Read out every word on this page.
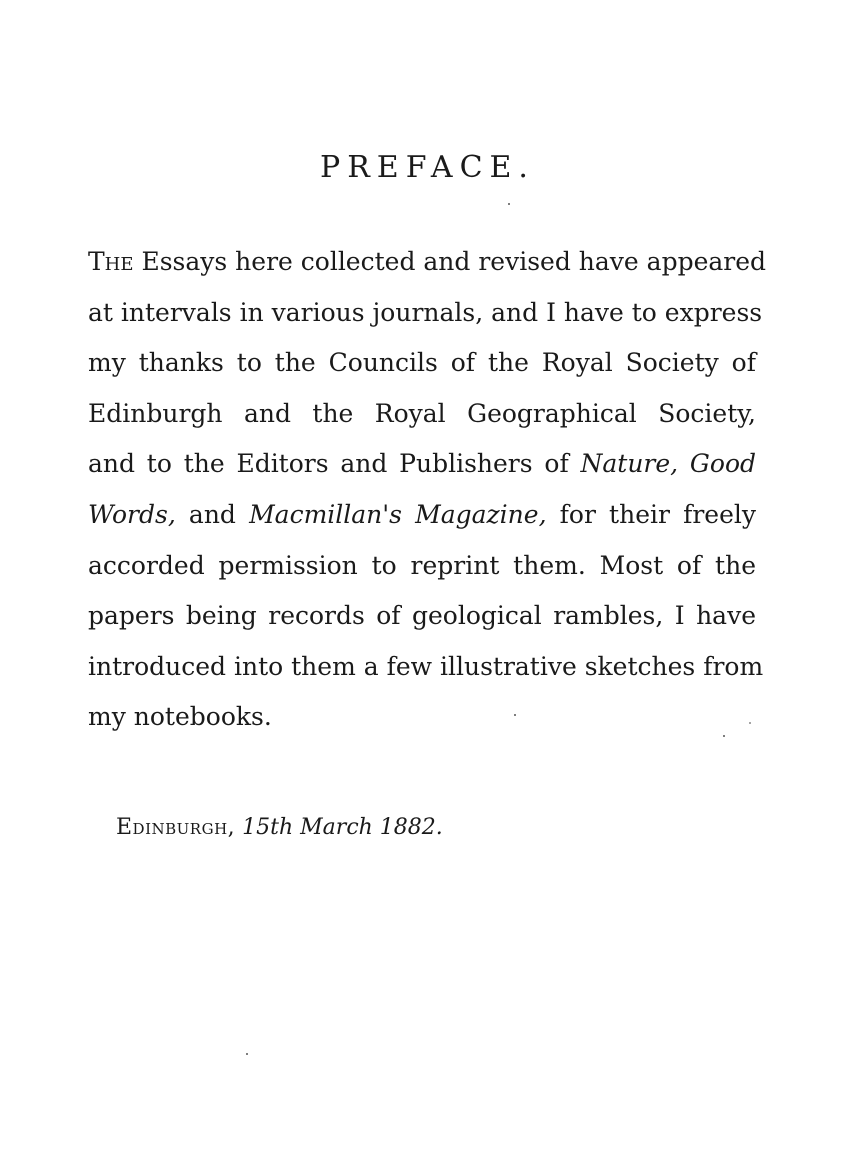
PREFACE.
The Essays here collected and revised have appeared
at intervals in various journals, and I have to express
my thanks to the Councils of the Royal Society of
Edinburgh and the Royal Geographical Society,
and to the Editors and Publishers of Nature, Good
Words, and Macmillan's Magazine, for their freely
accorded permission to reprint them. Most of the
papers being records of geological rambles, I have
introduced into them a few illustrative sketches from
my notebooks.
Edinburgh, 15th March 1882.
